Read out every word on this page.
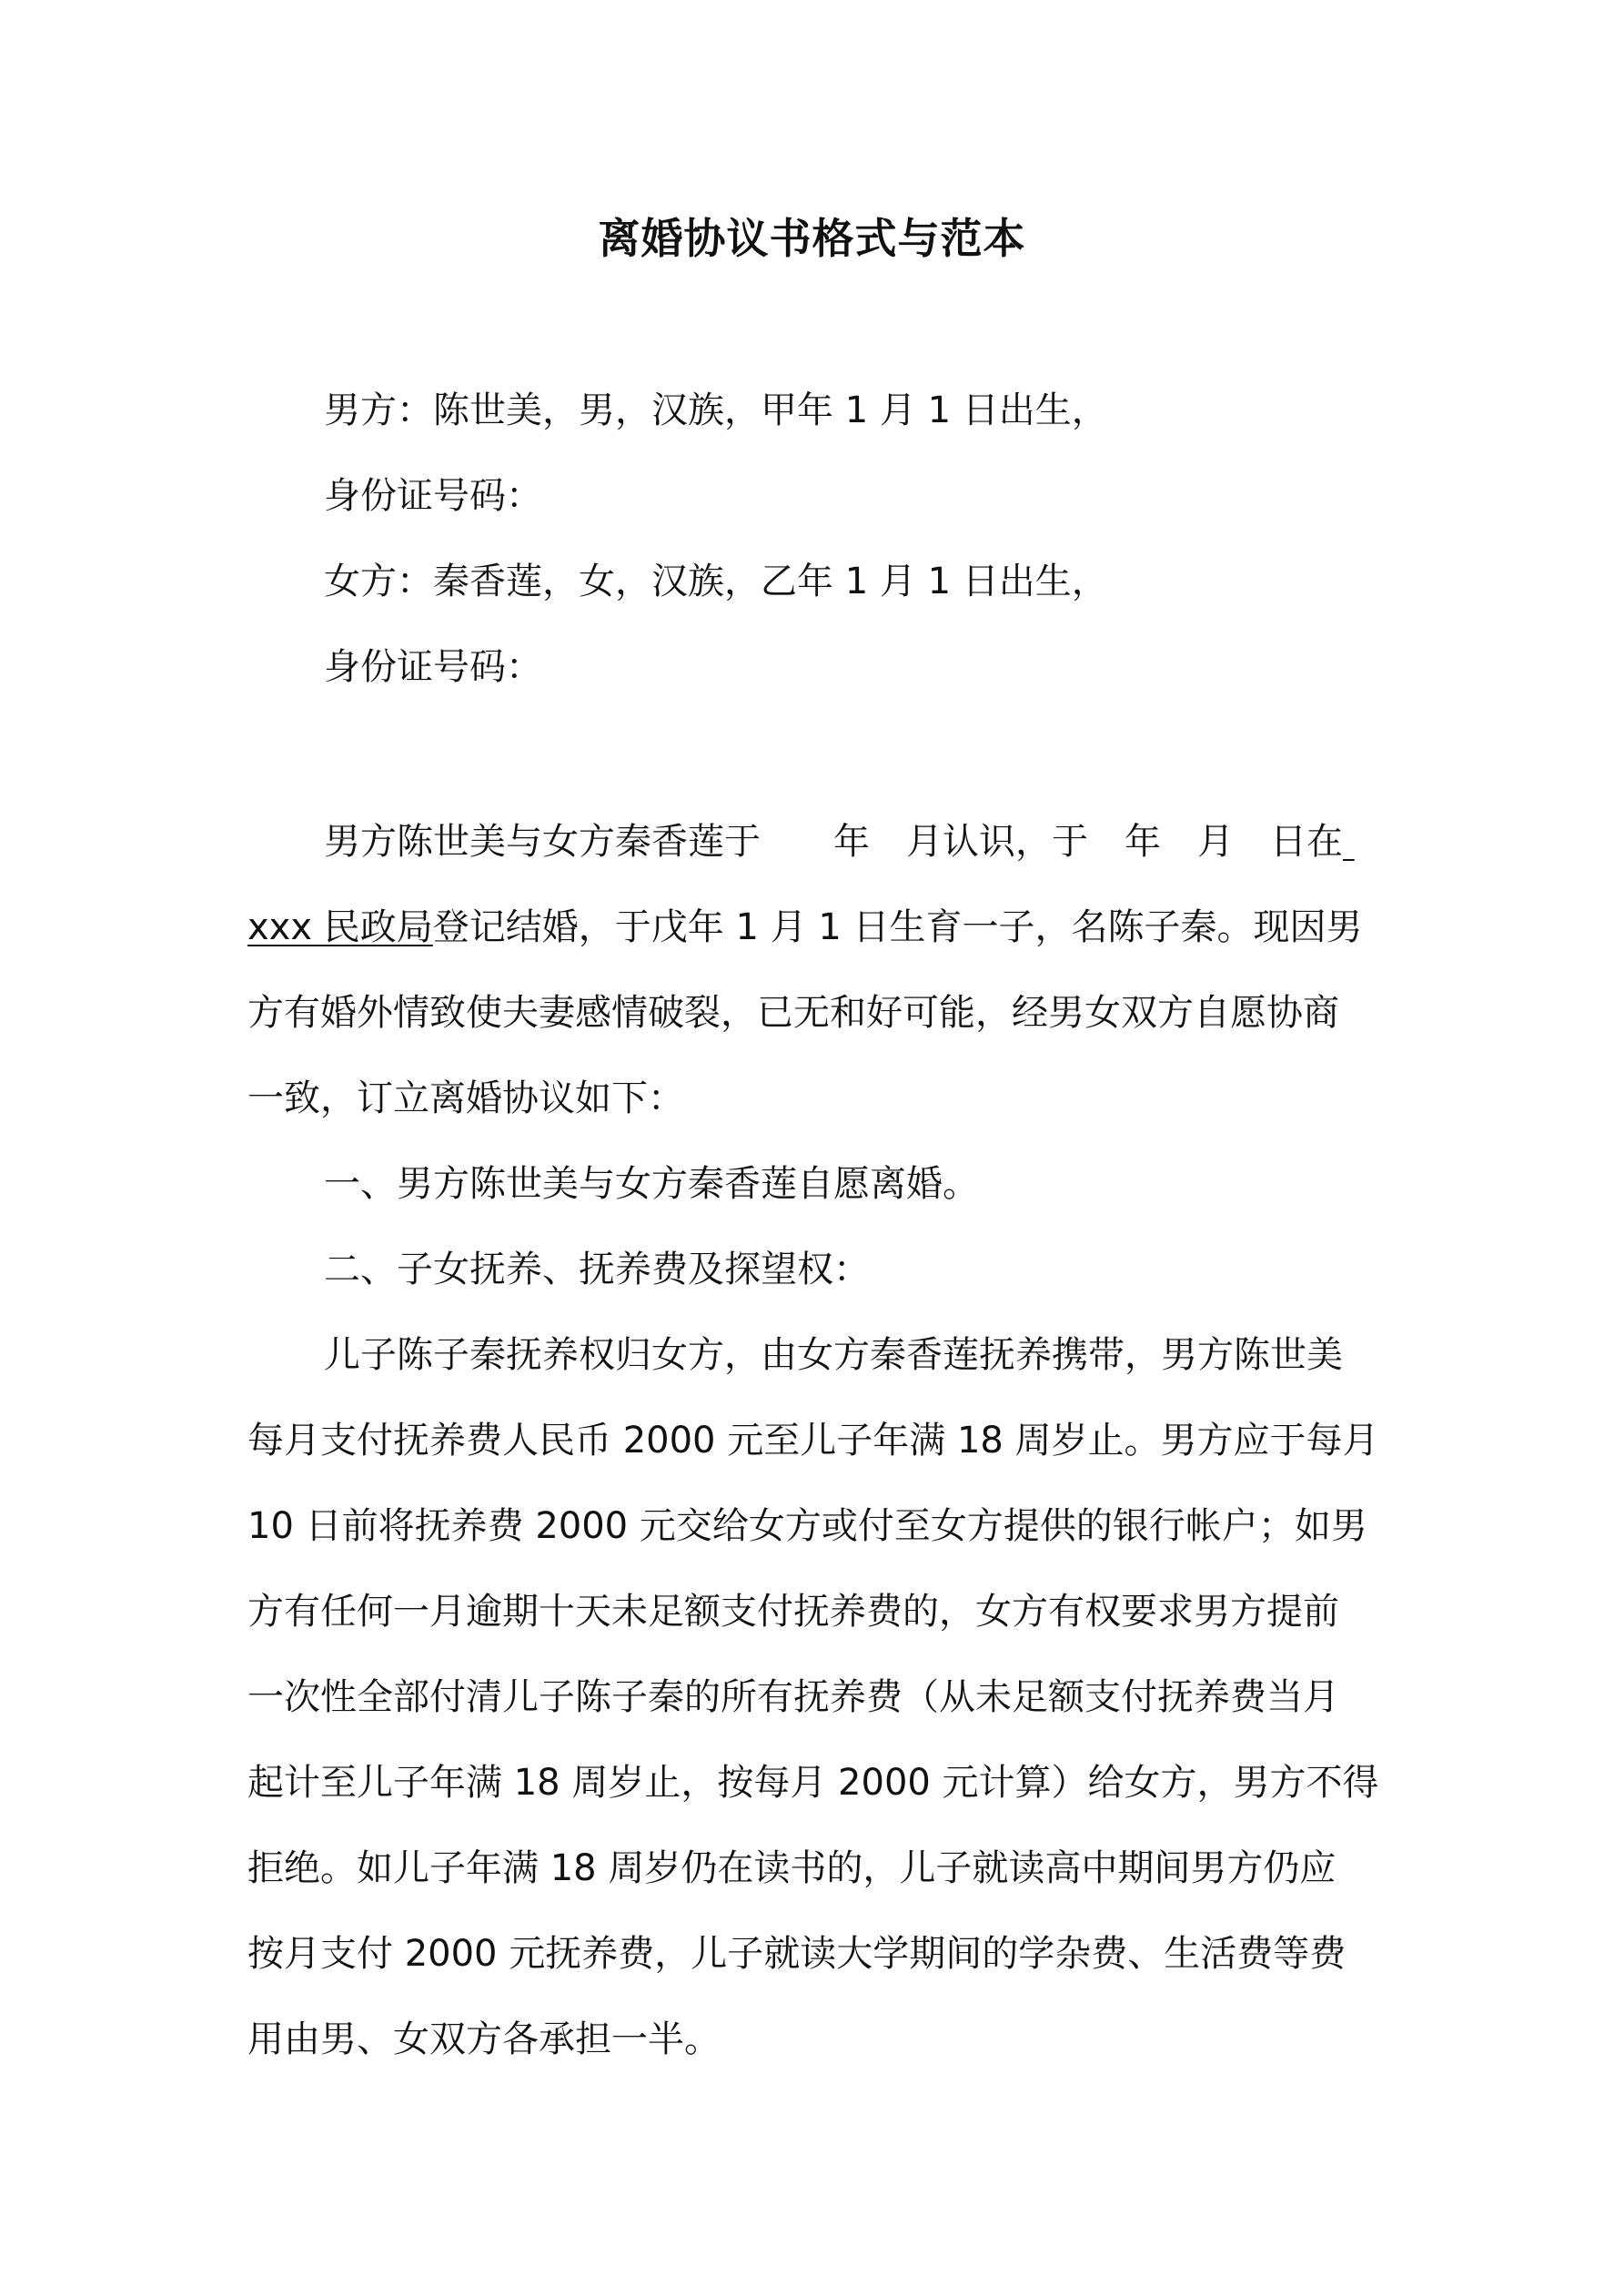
离婚协议书格式与范本
男方：陈世美，男，汉族，甲年 1 月 1 日出生，
身份证号码：
女方：秦香莲，女，汉族，乙年 1 月 1 日出生，
身份证号码：
男方陈世美与女方秦香莲于　　年　月认识，于　年　月　日在
xxx 民政局登记结婚，于戊年 1 月 1 日生育一子，名陈子秦。现因男
方有婚外情致使夫妻感情破裂，已无和好可能，经男女双方自愿协商
一致，订立离婚协议如下：
一、男方陈世美与女方秦香莲自愿离婚。
二、子女抚养、抚养费及探望权：
儿子陈子秦抚养权归女方，由女方秦香莲抚养携带，男方陈世美
每月支付抚养费人民币 2000 元至儿子年满 18 周岁止。男方应于每月
10 日前将抚养费 2000 元交给女方或付至女方提供的银行帐户；如男
方有任何一月逾期十天未足额支付抚养费的，女方有权要求男方提前
一次性全部付清儿子陈子秦的所有抚养费（从未足额支付抚养费当月
起计至儿子年满 18 周岁止，按每月 2000 元计算）给女方，男方不得
拒绝。如儿子年满 18 周岁仍在读书的，儿子就读高中期间男方仍应
按月支付 2000 元抚养费，儿子就读大学期间的学杂费、生活费等费
用由男、女双方各承担一半。
